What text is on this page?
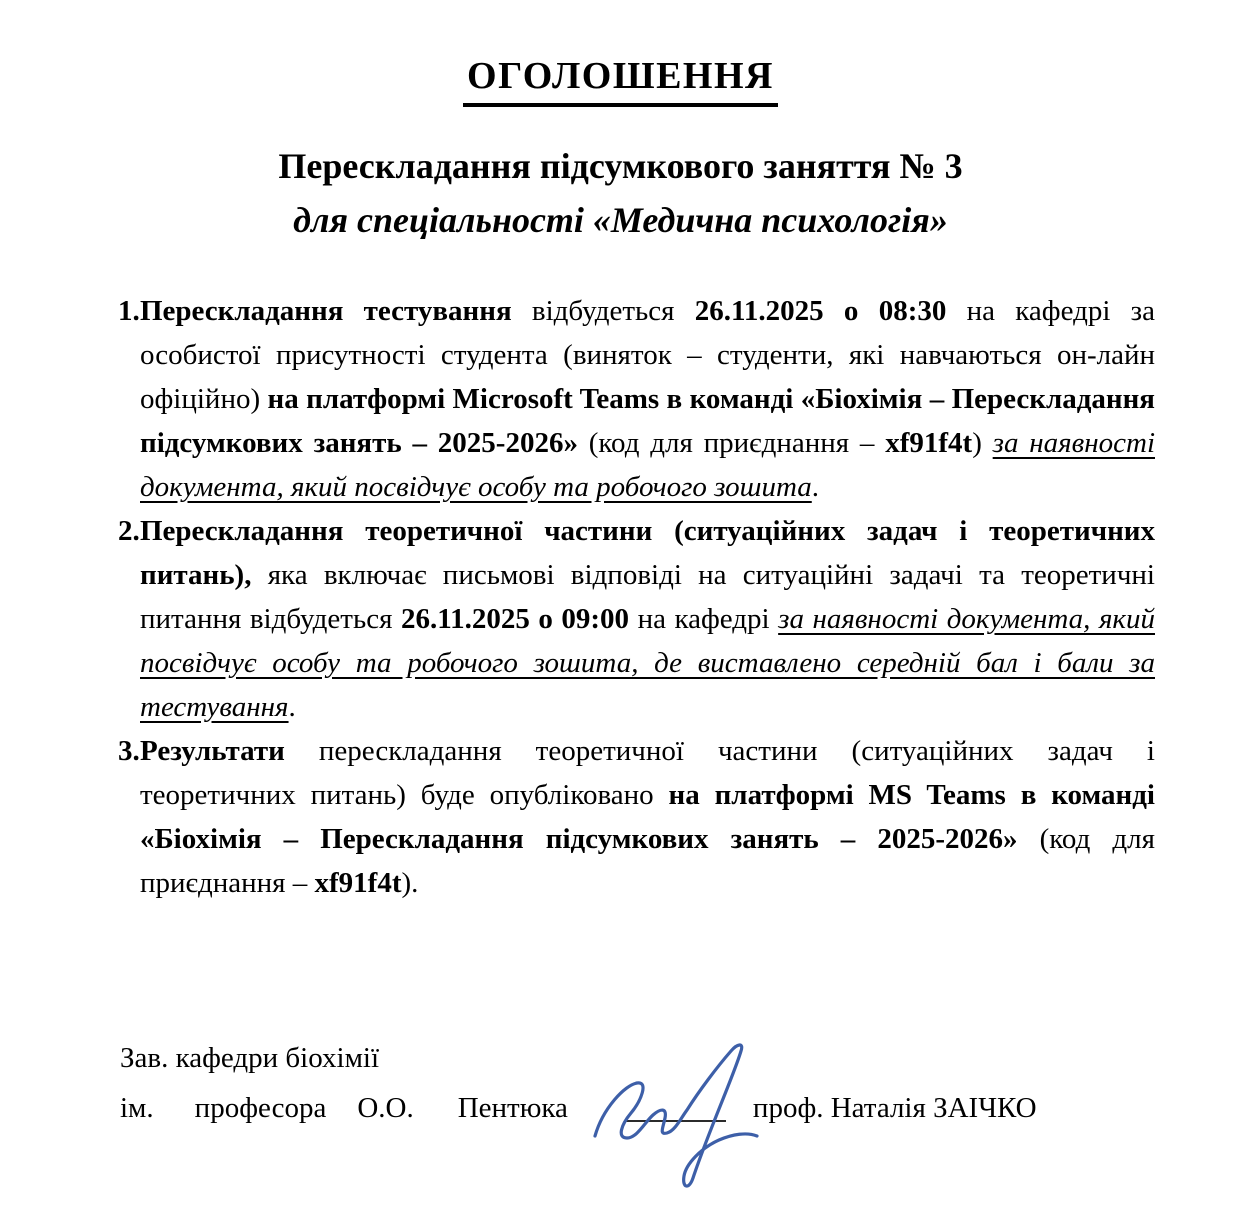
ОГОЛОШЕННЯ
Перескладання підсумкового заняття № 3
для спеціальності «Медична психологія»
1. Перескладання тестування відбудеться 26.11.2025 о 08:30 на кафедрі за особистої присутності студента (виняток – студенти, які навчаються он-лайн офіційно) на платформі Microsoft Teams в команді «Біохімія – Перескладання підсумкових занять – 2025-2026» (код для приєднання – xf91f4t) за наявності документа, який посвідчує особу та робочого зошита.
2. Перескладання теоретичної частини (ситуаційних задач і теоретичних питань), яка включає письмові відповіді на ситуаційні задачі та теоретичні питання відбудеться 26.11.2025 о 09:00 на кафедрі за наявності документа, який посвідчує особу та робочого зошита, де виставлено середній бал і бали за тестування.
3. Результати перескладання теоретичної частини (ситуаційних задач і теоретичних питань) буде опубліковано на платформі MS Teams в команді «Біохімія – Перескладання підсумкових занять – 2025-2026» (код для приєднання – xf91f4t).
Зав. кафедри біохімії
ім. професора О.О. Пентюка	проф. Наталія ЗАІЧКО
